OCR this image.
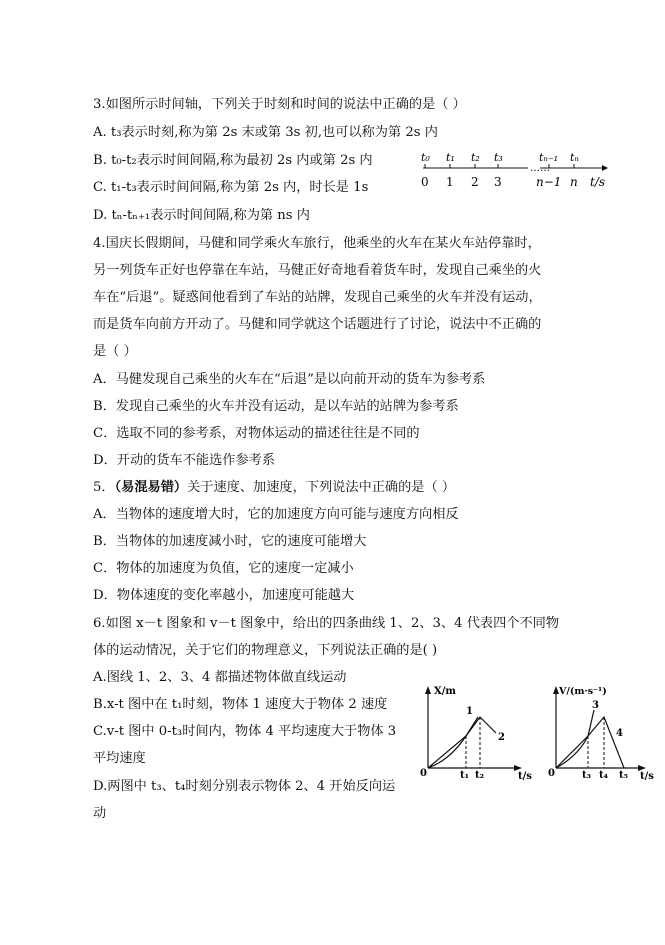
3.如图所示时间轴，下列关于时刻和时间的说法中正确的是（ ）
A. t₃表示时刻,称为第 2s 末或第 3s 初,也可以称为第 2s 内
B. t₀-t₂表示时间间隔,称为最初 2s 内或第 2s 内
C. t₁-t₃表示时间间隔,称为第 2s 内，时长是 1s
D. tₙ-tₙ₊₁表示时间间隔,称为第 ns 内
……
t₀ t₁ t₂ t₃	tₙ₋₁ tₙ
0 1 2 3	n−1 n t/s
4.国庆长假期间，马健和同学乘火车旅行，他乘坐的火车在某火车站停靠时，
另一列货车正好也停靠在车站，马健正好奇地看着货车时，发现自己乘坐的火
车在“后退”。疑惑间他看到了车站的站牌，发现自己乘坐的火车并没有运动，
而是货车向前方开动了。马健和同学就这个话题进行了讨论，说法中不正确的
是（ ）
A．马健发现自己乘坐的火车在“后退”是以向前开动的货车为参考系
B．发现自己乘坐的火车并没有运动，是以车站的站牌为参考系
C．选取不同的参考系，对物体运动的描述往往是不同的
D．开动的货车不能选作参考系
5．（易混易错）关于速度、加速度，下列说法中正确的是（ ）
A．当物体的速度增大时，它的加速度方向可能与速度方向相反
B．当物体的加速度减小时，它的速度可能增大
C．物体的加速度为负值，它的速度一定减小
D．物体速度的变化率越小，加速度可能越大
6.如图 x－t 图象和 v－t 图象中，给出的四条曲线 1、2、3、4 代表四个不同物
体的运动情况，关于它们的物理意义，下列说法正确的是( )
A.图线 1、2、3、4 都描述物体做直线运动
B.x-t 图中在 t₁时刻，物体 1 速度大于物体 2 速度
C.v-t 图中 0-t₃时间内，物体 4 平均速度大于物体 3
平均速度
D.两图中 t₃、t₄时刻分别表示物体 2、4 开始反向运
动
X/m
t/s
0
1
2
t₁ t₂
V/(m·s⁻¹)
t/s
0
3
4
t₃ t₄ t₅
